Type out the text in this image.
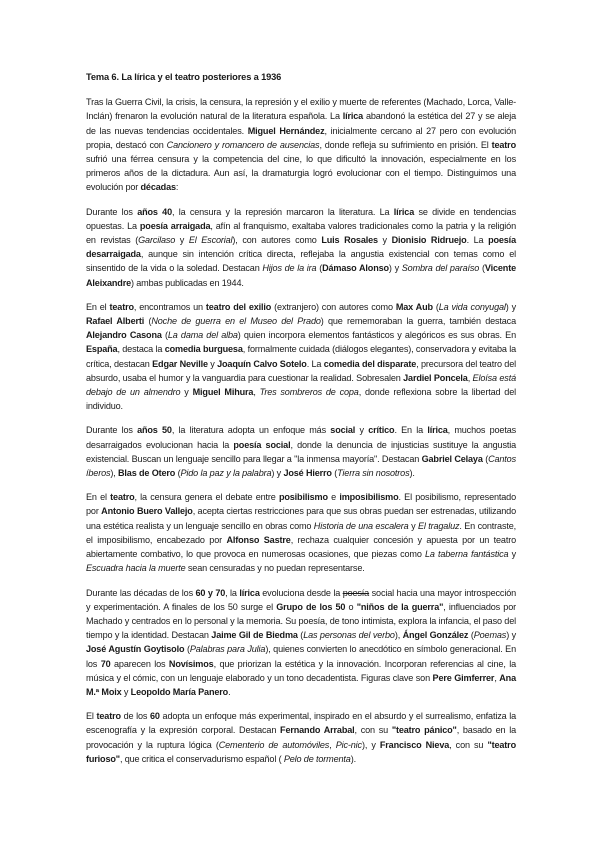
Tema 6. La lírica y el teatro posteriores a 1936

Tras la Guerra Civil, la crisis, la censura, la represión y el exilio y muerte de referentes (Machado, Lorca, Valle-Inclán) frenaron la evolución natural de la literatura española. La lírica abandonó la estética del 27 y se aleja de las nuevas tendencias occidentales. Miguel Hernández, inicialmente cercano al 27 pero con evolución propia, destacó con Cancionero y romancero de ausencias, donde refleja su sufrimiento en prisión. El teatro sufrió una férrea censura y la competencia del cine, lo que dificultó la innovación, especialmente en los primeros años de la dictadura. Aun así, la dramaturgia logró evolucionar con el tiempo. Distinguimos una evolución por décadas:

Durante los años 40, la censura y la represión marcaron la literatura. La lírica se divide en tendencias opuestas. La poesía arraigada, afín al franquismo, exaltaba valores tradicionales como la patria y la religión en revistas (Garcilaso y El Escorial), con autores como Luis Rosales y Dionisio Ridruejo. La poesía desarraigada, aunque sin intención crítica directa, reflejaba la angustia existencial con temas como el sinsentido de la vida o la soledad. Destacan Hijos de la ira (Dámaso Alonso) y Sombra del paraíso (Vicente Aleixandre) ambas publicadas en 1944.

En el teatro, encontramos un teatro del exilio (extranjero) con autores como Max Aub (La vida conyugal) y Rafael Alberti (Noche de guerra en el Museo del Prado) que rememoraban la guerra, también destaca Alejandro Casona (La dama del alba) quien incorpora elementos fantásticos y alegóricos es sus obras. En España, destaca la comedia burguesa, formalmente cuidada (diálogos elegantes), conservadora y evitaba la crítica, destacan Edgar Neville y Joaquín Calvo Sotelo. La comedia del disparate, precursora del teatro del absurdo, usaba el humor y la vanguardia para cuestionar la realidad. Sobresalen Jardiel Poncela, Eloísa está debajo de un almendro y Miguel Mihura, Tres sombreros de copa, donde reflexiona sobre la libertad del individuo.

Durante los años 50, la literatura adopta un enfoque más social y crítico. En la lírica, muchos poetas desarraigados evolucionan hacia la poesía social, donde la denuncia de injusticias sustituye la angustia existencial. Buscan un lenguaje sencillo para llegar a "la inmensa mayoría". Destacan Gabriel Celaya (Cantos íberos), Blas de Otero (Pido la paz y la palabra) y José Hierro (Tierra sin nosotros).

En el teatro, la censura genera el debate entre posibilismo e imposibilismo. El posibilismo, representado por Antonio Buero Vallejo, acepta ciertas restricciones para que sus obras puedan ser estrenadas, utilizando una estética realista y un lenguaje sencillo en obras como Historia de una escalera y El tragaluz. En contraste, el imposibilismo, encabezado por Alfonso Sastre, rechaza cualquier concesión y apuesta por un teatro abiertamente combativo, lo que provoca en numerosas ocasiones, que piezas como La taberna fantástica y Escuadra hacia la muerte sean censuradas y no puedan representarse.

Durante las décadas de los 60 y 70, la lírica evoluciona desde la poesía social hacia una mayor introspección y experimentación. A finales de los 50 surge el Grupo de los 50 o "niños de la guerra", influenciados por Machado y centrados en lo personal y la memoria. Su poesía, de tono intimista, explora la infancia, el paso del tiempo y la identidad. Destacan Jaime Gil de Biedma (Las personas del verbo), Ángel González (Poemas) y José Agustín Goytisolo (Palabras para Julia), quienes convierten lo anecdótico en símbolo generacional. En los 70 aparecen los Novísimos, que priorizan la estética y la innovación. Incorporan referencias al cine, la música y el cómic, con un lenguaje elaborado y un tono decadentista. Figuras clave son Pere Gimferrer, Ana M.ª Moix y Leopoldo María Panero.

El teatro de los 60 adopta un enfoque más experimental, inspirado en el absurdo y el surrealismo, enfatiza la escenografía y la expresión corporal. Destacan Fernando Arrabal, con su "teatro pánico", basado en la provocación y la ruptura lógica (Cementerio de automóviles, Pic-nic), y Francisco Nieva, con su "teatro furioso", que critica el conservadurismo español ( Pelo de tormenta).
